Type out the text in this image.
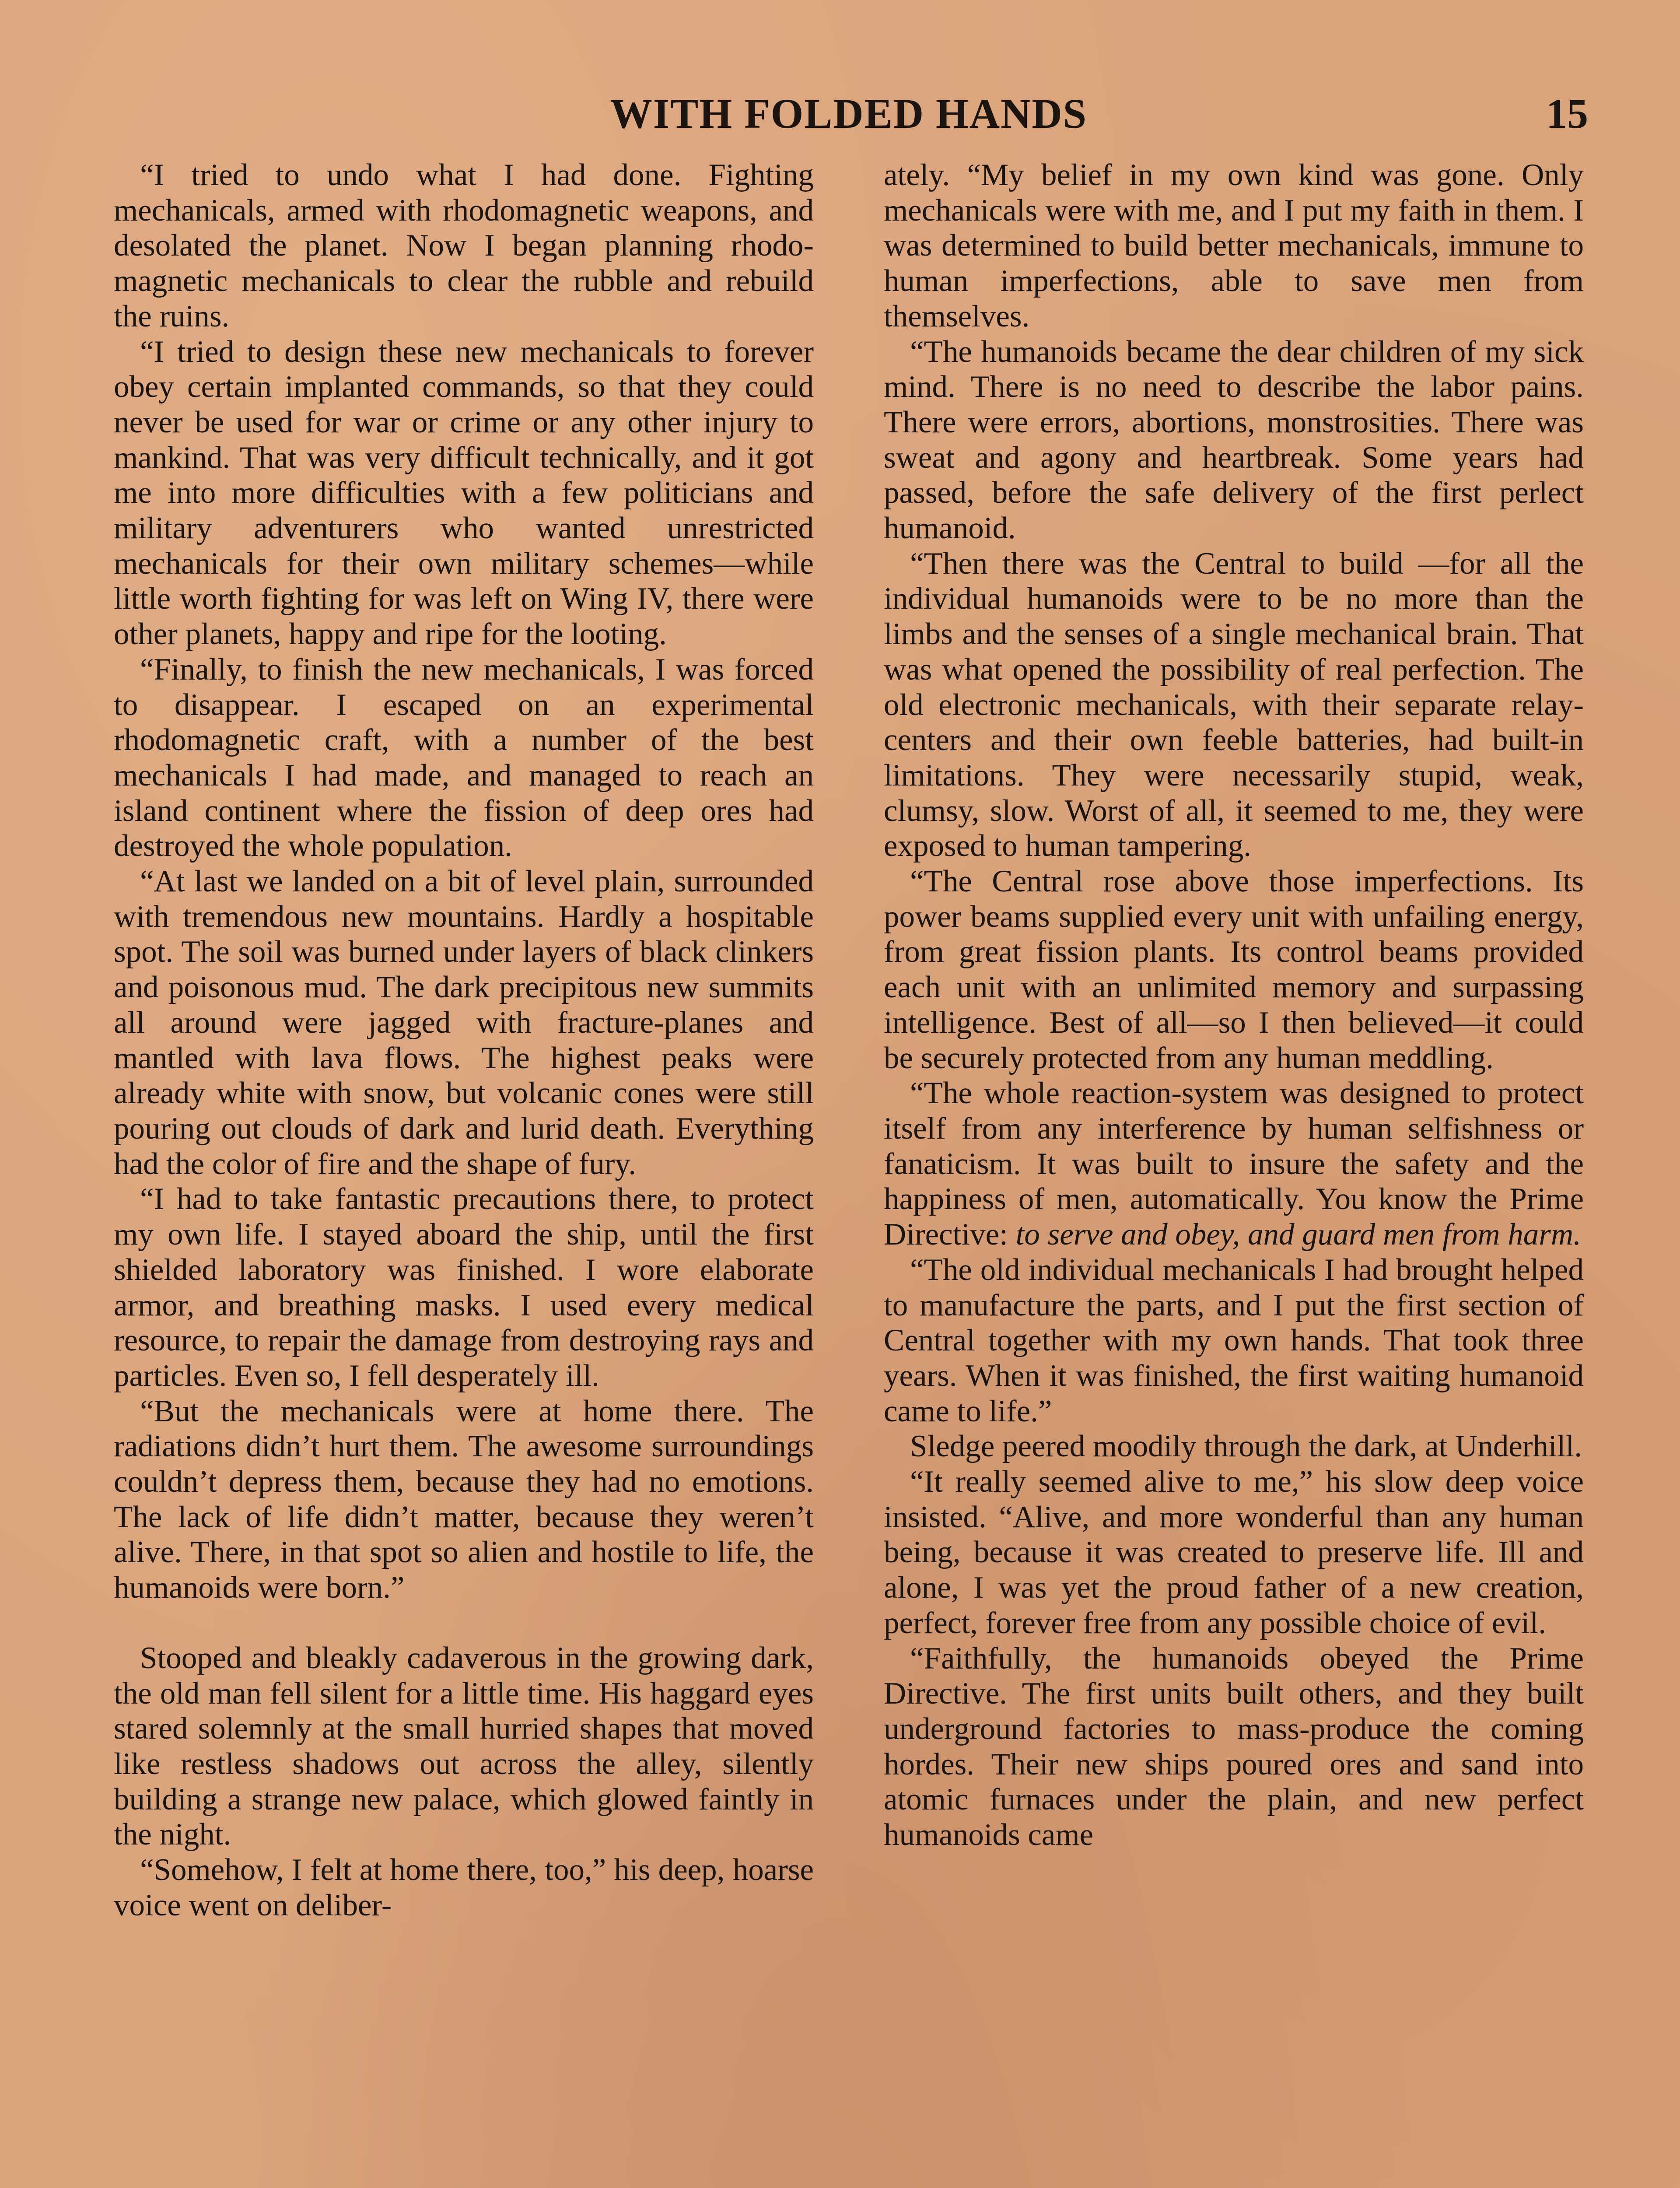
WITH FOLDED HANDS	15

“I tried to undo what I had done. Fighting mechanicals, armed with rhodomagnetic weapons, and desolated the planet. Now I began planning rhodomagnetic mechanicals to clear the rubble and rebuild the ruins.

“I tried to design these new mechanicals to forever obey certain implanted commands, so that they could never be used for war or crime or any other injury to mankind. That was very difficult technically, and it got me into more difficulties with a few politicians and military adventurers who wanted unrestricted mechanicals for their own military schemes—while little worth fighting for was left on Wing IV, there were other planets, happy and ripe for the looting.

“Finally, to finish the new mechanicals, I was forced to disappear. I escaped on an experimental rhodomagnetic craft, with a number of the best mechanicals I had made, and managed to reach an island continent where the fission of deep ores had destroyed the whole population.

“At last we landed on a bit of level plain, surrounded with tremendous new mountains. Hardly a hospitable spot. The soil was burned under layers of black clinkers and poisonous mud. The dark precipitous new summits all around were jagged with fracture-planes and mantled with lava flows. The highest peaks were already white with snow, but volcanic cones were still pouring out clouds of dark and lurid death. Everything had the color of fire and the shape of fury.

“I had to take fantastic precautions there, to protect my own life. I stayed aboard the ship, until the first shielded laboratory was finished. I wore elaborate armor, and breathing masks. I used every medical resource, to repair the damage from destroying rays and particles. Even so, I fell desperately ill.

“But the mechanicals were at home there. The radiations didn’t hurt them. The awesome surroundings couldn’t depress them, because they had no emotions. The lack of life didn’t matter, because they weren’t alive. There, in that spot so alien and hostile to life, the humanoids were born.”

Stooped and bleakly cadaverous in the growing dark, the old man fell silent for a little time. His haggard eyes stared solemnly at the small hurried shapes that moved like restless shadows out across the alley, silently building a strange new palace, which glowed faintly in the night.

“Somehow, I felt at home there, too,” his deep, hoarse voice went on deliber-

ately. “My belief in my own kind was gone. Only mechanicals were with me, and I put my faith in them. I was determined to build better mechanicals, immune to human imperfections, able to save men from themselves.

“The humanoids became the dear children of my sick mind. There is no need to describe the labor pains. There were errors, abortions, monstrosities. There was sweat and agony and heartbreak. Some years had passed, before the safe delivery of the first perlect humanoid.

“Then there was the Central to build —for all the individual humanoids were to be no more than the limbs and the senses of a single mechanical brain. That was what opened the possibility of real perfection. The old electronic mechanicals, with their separate relay-centers and their own feeble batteries, had built-in limitations. They were necessarily stupid, weak, clumsy, slow. Worst of all, it seemed to me, they were exposed to human tampering.

“The Central rose above those imperfections. Its power beams supplied every unit with unfailing energy, from great fission plants. Its control beams provided each unit with an unlimited memory and surpassing intelligence. Best of all—so I then believed—it could be securely protected from any human meddling.

“The whole reaction-system was designed to protect itself from any interference by human selfishness or fanaticism. It was built to insure the safety and the happiness of men, automatically. You know the Prime Directive: to serve and obey, and guard men from harm.

“The old individual mechanicals I had brought helped to manufacture the parts, and I put the first section of Central together with my own hands. That took three years. When it was finished, the first waiting humanoid came to life.”

Sledge peered moodily through the dark, at Underhill.

“It really seemed alive to me,” his slow deep voice insisted. “Alive, and more wonderful than any human being, because it was created to preserve life. Ill and alone, I was yet the proud father of a new creation, perfect, forever free from any possible choice of evil.

“Faithfully, the humanoids obeyed the Prime Directive. The first units built others, and they built underground factories to mass-produce the coming hordes. Their new ships poured ores and sand into atomic furnaces under the plain, and new perfect humanoids came
